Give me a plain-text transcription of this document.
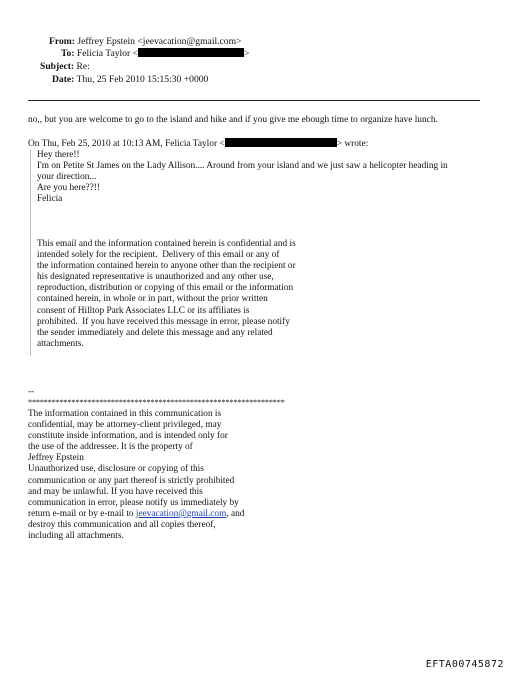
From: Jeffrey Epstein <jeevacation@gmail.com>
To: Felicia Taylor <	>
Subject: Re:
Date: Thu, 25 Feb 2010 15:15:30 +0000
no,, but you are welcome to go to the island and hike and if you give me ebough time to organize have lunch.
On Thu, Feb 25, 2010 at 10:13 AM, Felicia Taylor <	> wrote:
Hey there!!
I'm on Petite St James on the Lady Allison.... Around from your island and we just saw a helicopter heading in
your direction...
Are you here??!!
Felicia
This email and the information contained herein is confidential and is
intended solely for the recipient.  Delivery of this email or any of
the information contained herein to anyone other than the recipient or
his designated representative is unauthorized and any other use,
reproduction, distribution or copying of this email or the information
contained herein, in whole or in part, without the prior written
consent of Hilltop Park Associates LLC or its affiliates is
prohibited.  If you have received this message in error, please notify
the sender immediately and delete this message and any related
attachments.
--
*****************************************************************
The information contained in this communication is
confidential, may be attorney-client privileged, may
constitute inside information, and is intended only for
the use of the addressee. It is the property of
Jeffrey Epstein
Unauthorized use, disclosure or copying of this
communication or any part thereof is strictly prohibited
and may be unlawful. If you have received this
communication in error, please notify us immediately by
return e-mail or by e-mail to jeevacation@gmail.com, and
destroy this communication and all copies thereof,
including all attachments.
EFTA00745872
